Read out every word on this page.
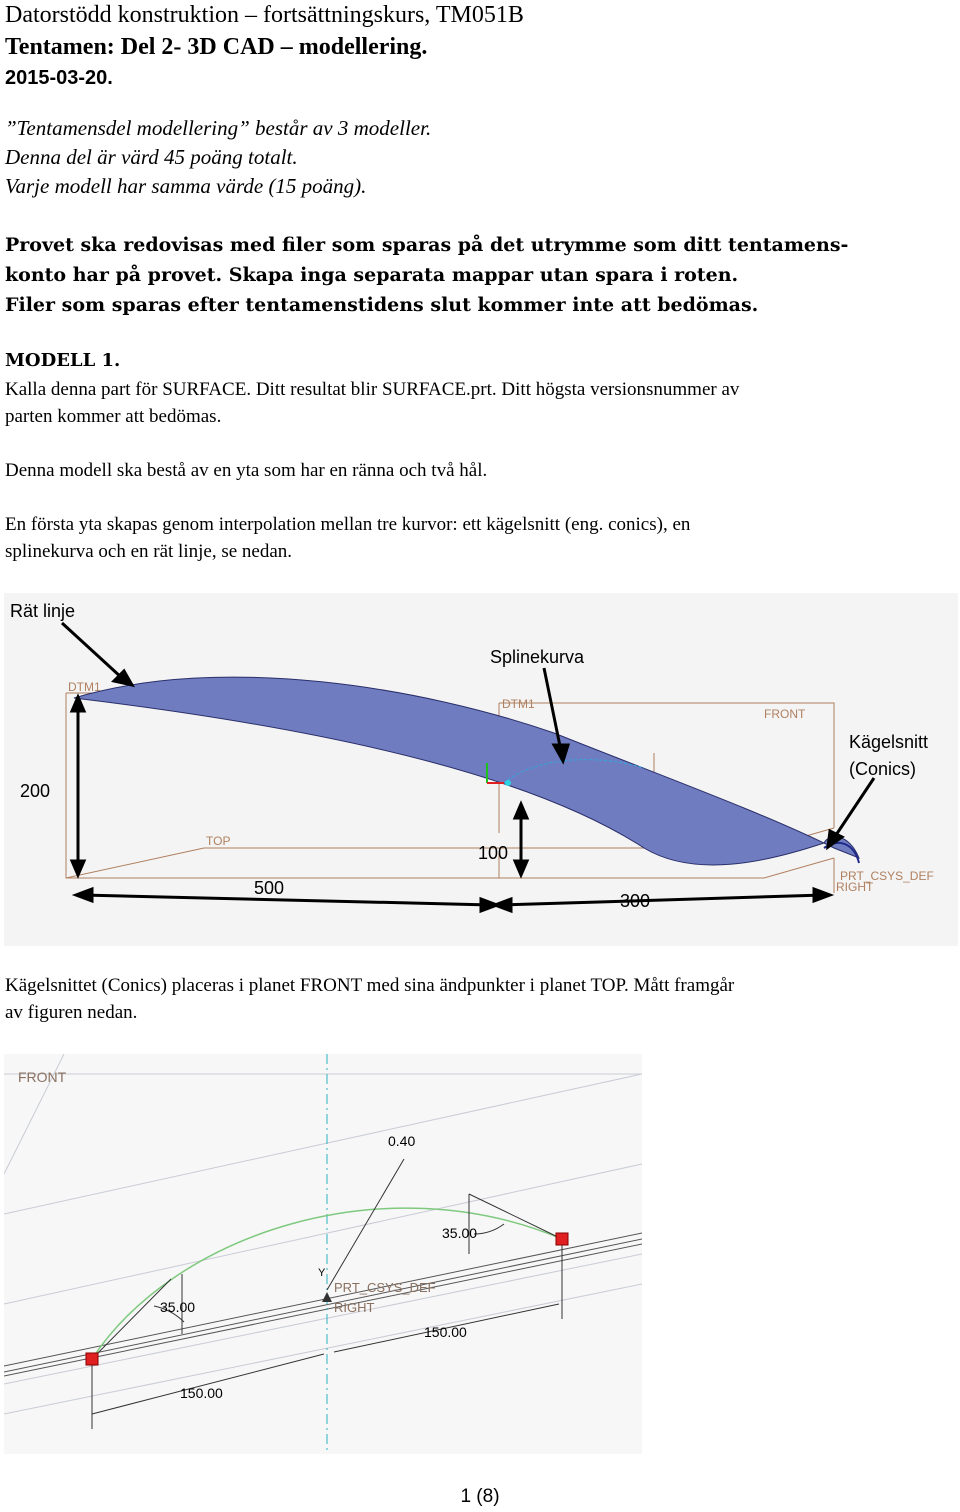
Datorstödd konstruktion – fortsättningskurs, TM051B

Tentamen: Del 2- 3D CAD – modellering.

2015-03-20.

”Tentamensdel modellering” består av 3 modeller.

Denna del är värd 45 poäng totalt.

Varje modell har samma värde (15 poäng).

Provet ska redovisas med filer som sparas på det utrymme som ditt tentamens-

konto har på provet. Skapa inga separata mappar utan spara i roten.

Filer som sparas efter tentamenstidens slut kommer inte att bedömas.

MODELL 1.

Kalla denna part för SURFACE. Ditt resultat blir SURFACE.prt. Ditt högsta versionsnummer av

parten kommer att bedömas.

Denna modell ska bestå av en yta som har en ränna och två hål.

En första yta skapas genom interpolation mellan tre kurvor: ett kägelsnitt (eng. conics), en

splinekurva och en rät linje, se nedan.

DTM1
DTM1
FRONT
TOP
RIGHT
PRT_CSYS_DEF
Rät linje
Splinekurva
Kägelsnitt
(Conics)
200
100
500
300

Kägelsnittet (Conics) placeras i planet FRONT med sina ändpunkter i planet TOP. Mått framgår

av figuren nedan.

FRONT
0.40
35.00
35.00
150.00
150.00
Y
PRT_CSYS_DEF
RIGHT
1 (8)
